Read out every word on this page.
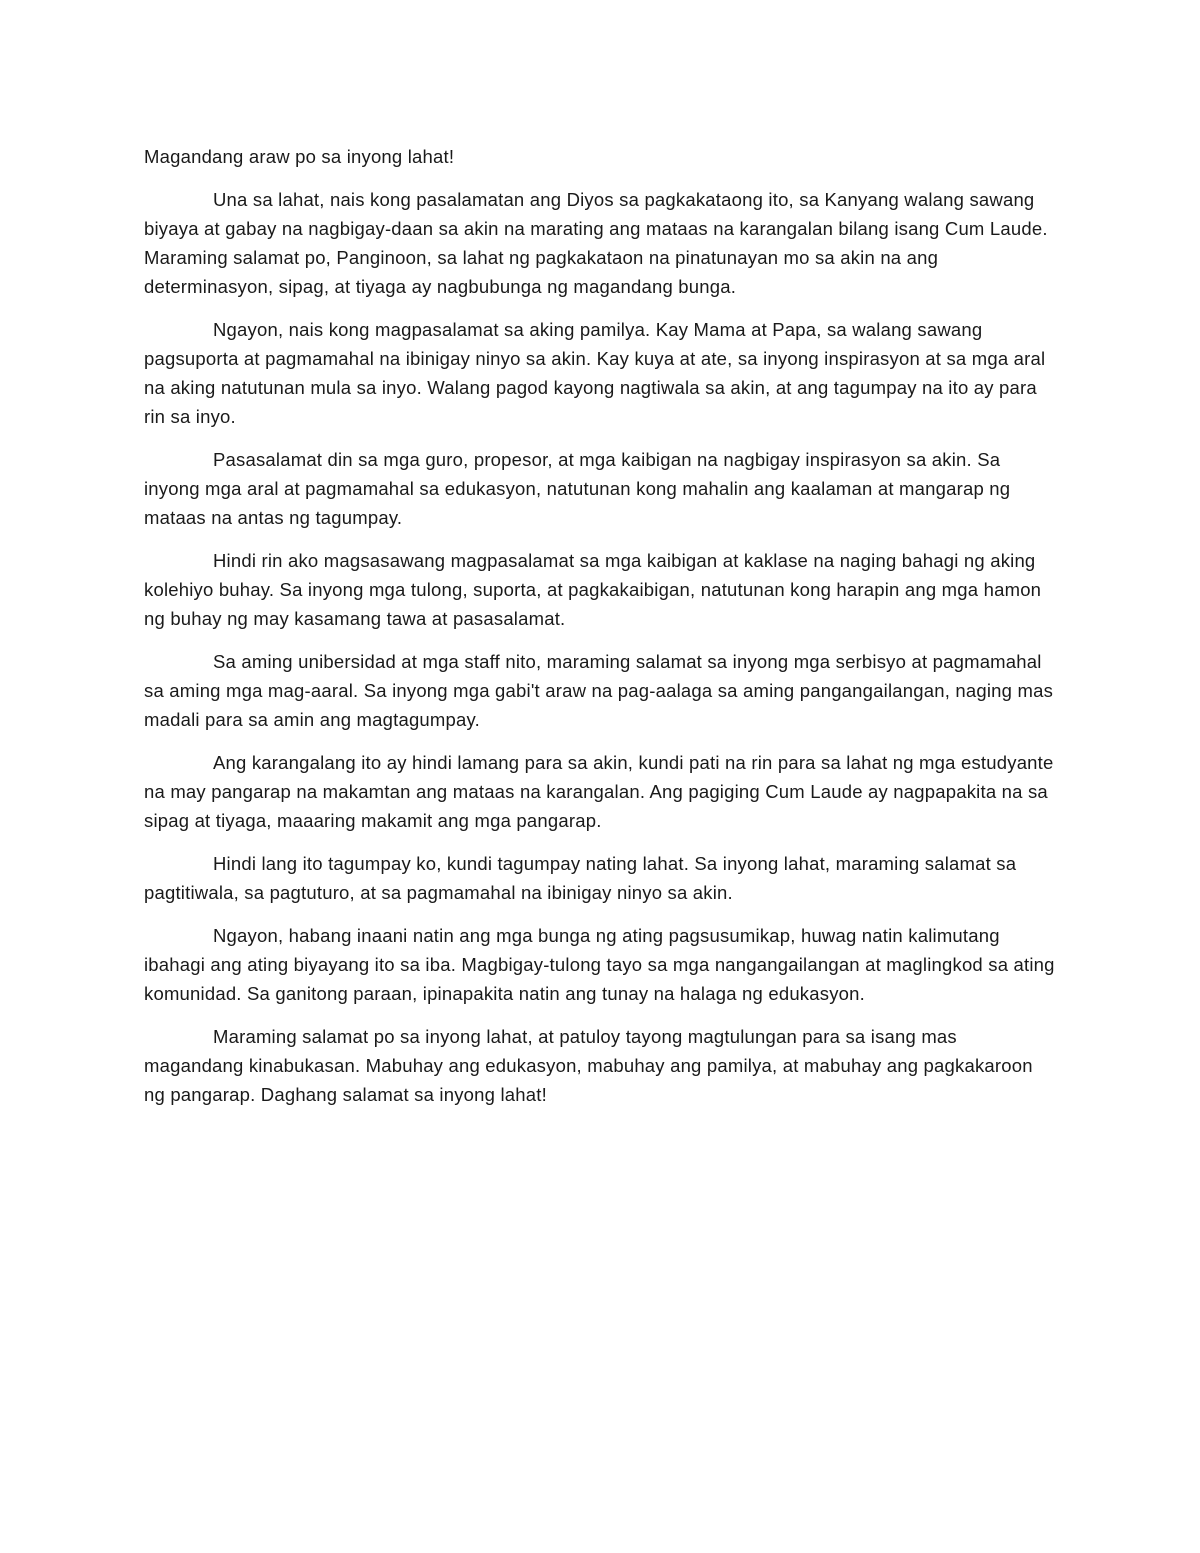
Magandang araw po sa inyong lahat!

Una sa lahat, nais kong pasalamatan ang Diyos sa pagkakataong ito, sa Kanyang walang sawang biyaya at gabay na nagbigay-daan sa akin na marating ang mataas na karangalan bilang isang Cum Laude. Maraming salamat po, Panginoon, sa lahat ng pagkakataon na pinatunayan mo sa akin na ang determinasyon, sipag, at tiyaga ay nagbubunga ng magandang bunga.

Ngayon, nais kong magpasalamat sa aking pamilya. Kay Mama at Papa, sa walang sawang pagsuporta at pagmamahal na ibinigay ninyo sa akin. Kay kuya at ate, sa inyong inspirasyon at sa mga aral na aking natutunan mula sa inyo. Walang pagod kayong nagtiwala sa akin, at ang tagumpay na ito ay para rin sa inyo.

Pasasalamat din sa mga guro, propesor, at mga kaibigan na nagbigay inspirasyon sa akin. Sa inyong mga aral at pagmamahal sa edukasyon, natutunan kong mahalin ang kaalaman at mangarap ng mataas na antas ng tagumpay.

Hindi rin ako magsasawang magpasalamat sa mga kaibigan at kaklase na naging bahagi ng aking kolehiyo buhay. Sa inyong mga tulong, suporta, at pagkakaibigan, natutunan kong harapin ang mga hamon ng buhay ng may kasamang tawa at pasasalamat.

Sa aming unibersidad at mga staff nito, maraming salamat sa inyong mga serbisyo at pagmamahal sa aming mga mag-aaral. Sa inyong mga gabi't araw na pag-aalaga sa aming pangangailangan, naging mas madali para sa amin ang magtagumpay.

Ang karangalang ito ay hindi lamang para sa akin, kundi pati na rin para sa lahat ng mga estudyante na may pangarap na makamtan ang mataas na karangalan. Ang pagiging Cum Laude ay nagpapakita na sa sipag at tiyaga, maaaring makamit ang mga pangarap.

Hindi lang ito tagumpay ko, kundi tagumpay nating lahat. Sa inyong lahat, maraming salamat sa pagtitiwala, sa pagtuturo, at sa pagmamahal na ibinigay ninyo sa akin.

Ngayon, habang inaani natin ang mga bunga ng ating pagsusumikap, huwag natin kalimutang ibahagi ang ating biyayang ito sa iba. Magbigay-tulong tayo sa mga nangangailangan at maglingkod sa ating komunidad. Sa ganitong paraan, ipinapakita natin ang tunay na halaga ng edukasyon.

Maraming salamat po sa inyong lahat, at patuloy tayong magtulungan para sa isang mas magandang kinabukasan. Mabuhay ang edukasyon, mabuhay ang pamilya, at mabuhay ang pagkakaroon ng pangarap. Daghang salamat sa inyong lahat!
